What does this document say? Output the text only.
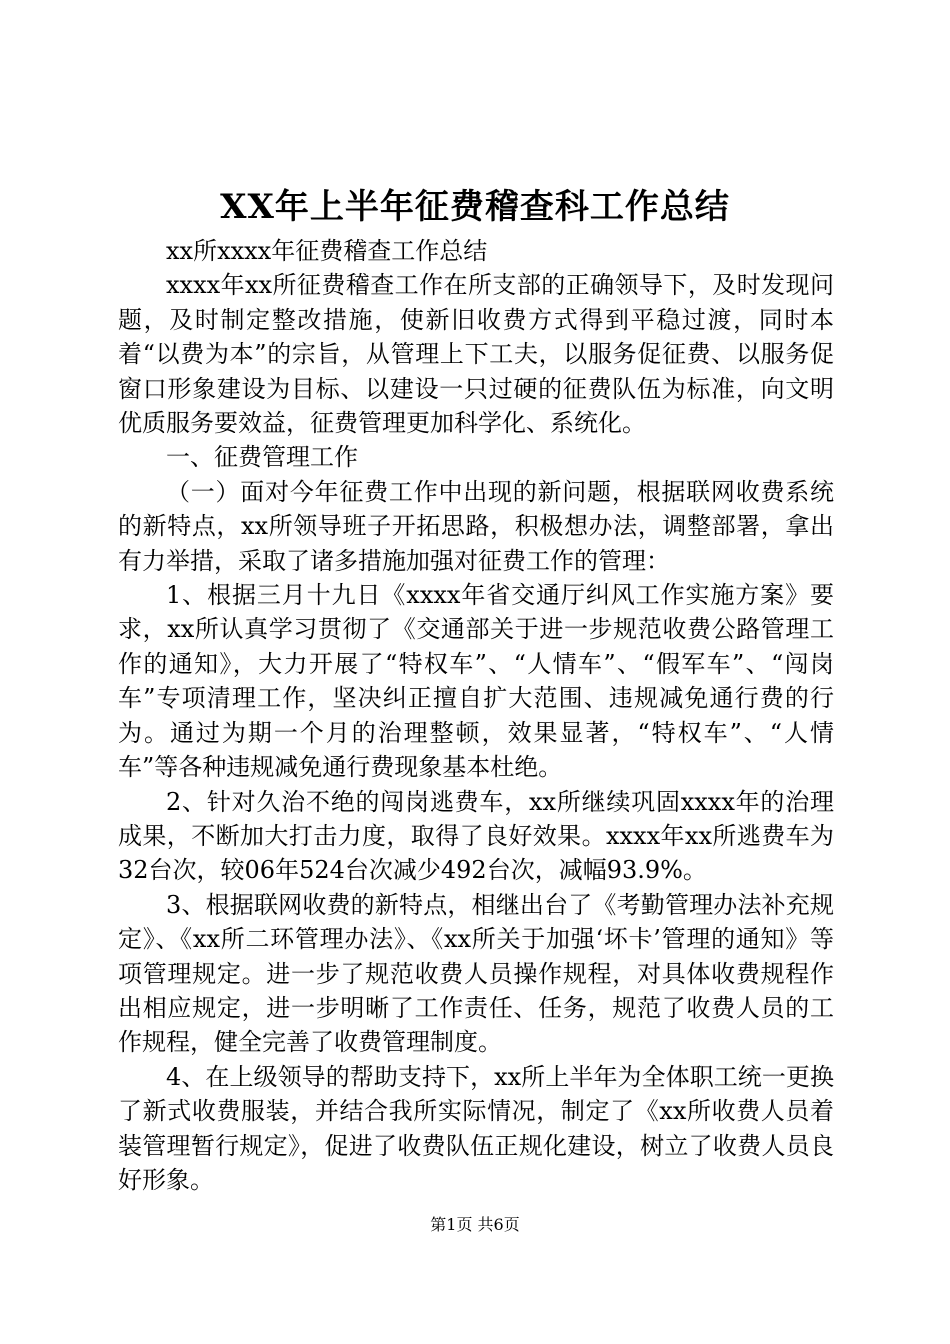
XX年上半年征费稽查科工作总结

xx所xxxx年征费稽查工作总结

xxxx年xx所征费稽查工作在所支部的正确领导下，及时发现问题，及时制定整改措施，使新旧收费方式得到平稳过渡，同时本着“以费为本”的宗旨，从管理上下工夫，以服务促征费、以服务促窗口形象建设为目标、以建设一只过硬的征费队伍为标准，向文明优质服务要效益，征费管理更加科学化、系统化。

一、征费管理工作

（一）面对今年征费工作中出现的新问题，根据联网收费系统的新特点，xx所领导班子开拓思路，积极想办法，调整部署，拿出有力举措，采取了诸多措施加强对征费工作的管理：

1、根据三月十九日《xxxx年省交通厅纠风工作实施方案》要求，xx所认真学习贯彻了《交通部关于进一步规范收费公路管理工作的通知》，大力开展了“特权车”、“人情车”、“假军车”、“闯岗车”专项清理工作，坚决纠正擅自扩大范围、违规减免通行费的行为。通过为期一个月的治理整顿，效果显著，“特权车”、“人情车”等各种违规减免通行费现象基本杜绝。

2、针对久治不绝的闯岗逃费车，xx所继续巩固xxxx年的治理成果，不断加大打击力度，取得了良好效果。xxxx年xx所逃费车为32台次，较06年524台次减少492台次，减幅93.9%。

3、根据联网收费的新特点，相继出台了《考勤管理办法补充规定》、《xx所二环管理办法》、《xx所关于加强‘坏卡’管理的通知》等项管理规定。进一步了规范收费人员操作规程，对具体收费规程作出相应规定，进一步明晰了工作责任、任务，规范了收费人员的工作规程，健全完善了收费管理制度。

4、在上级领导的帮助支持下，xx所上半年为全体职工统一更换了新式收费服装，并结合我所实际情况，制定了《xx所收费人员着装管理暂行规定》，促进了收费队伍正规化建设，树立了收费人员良好形象。

第1页 共6页
